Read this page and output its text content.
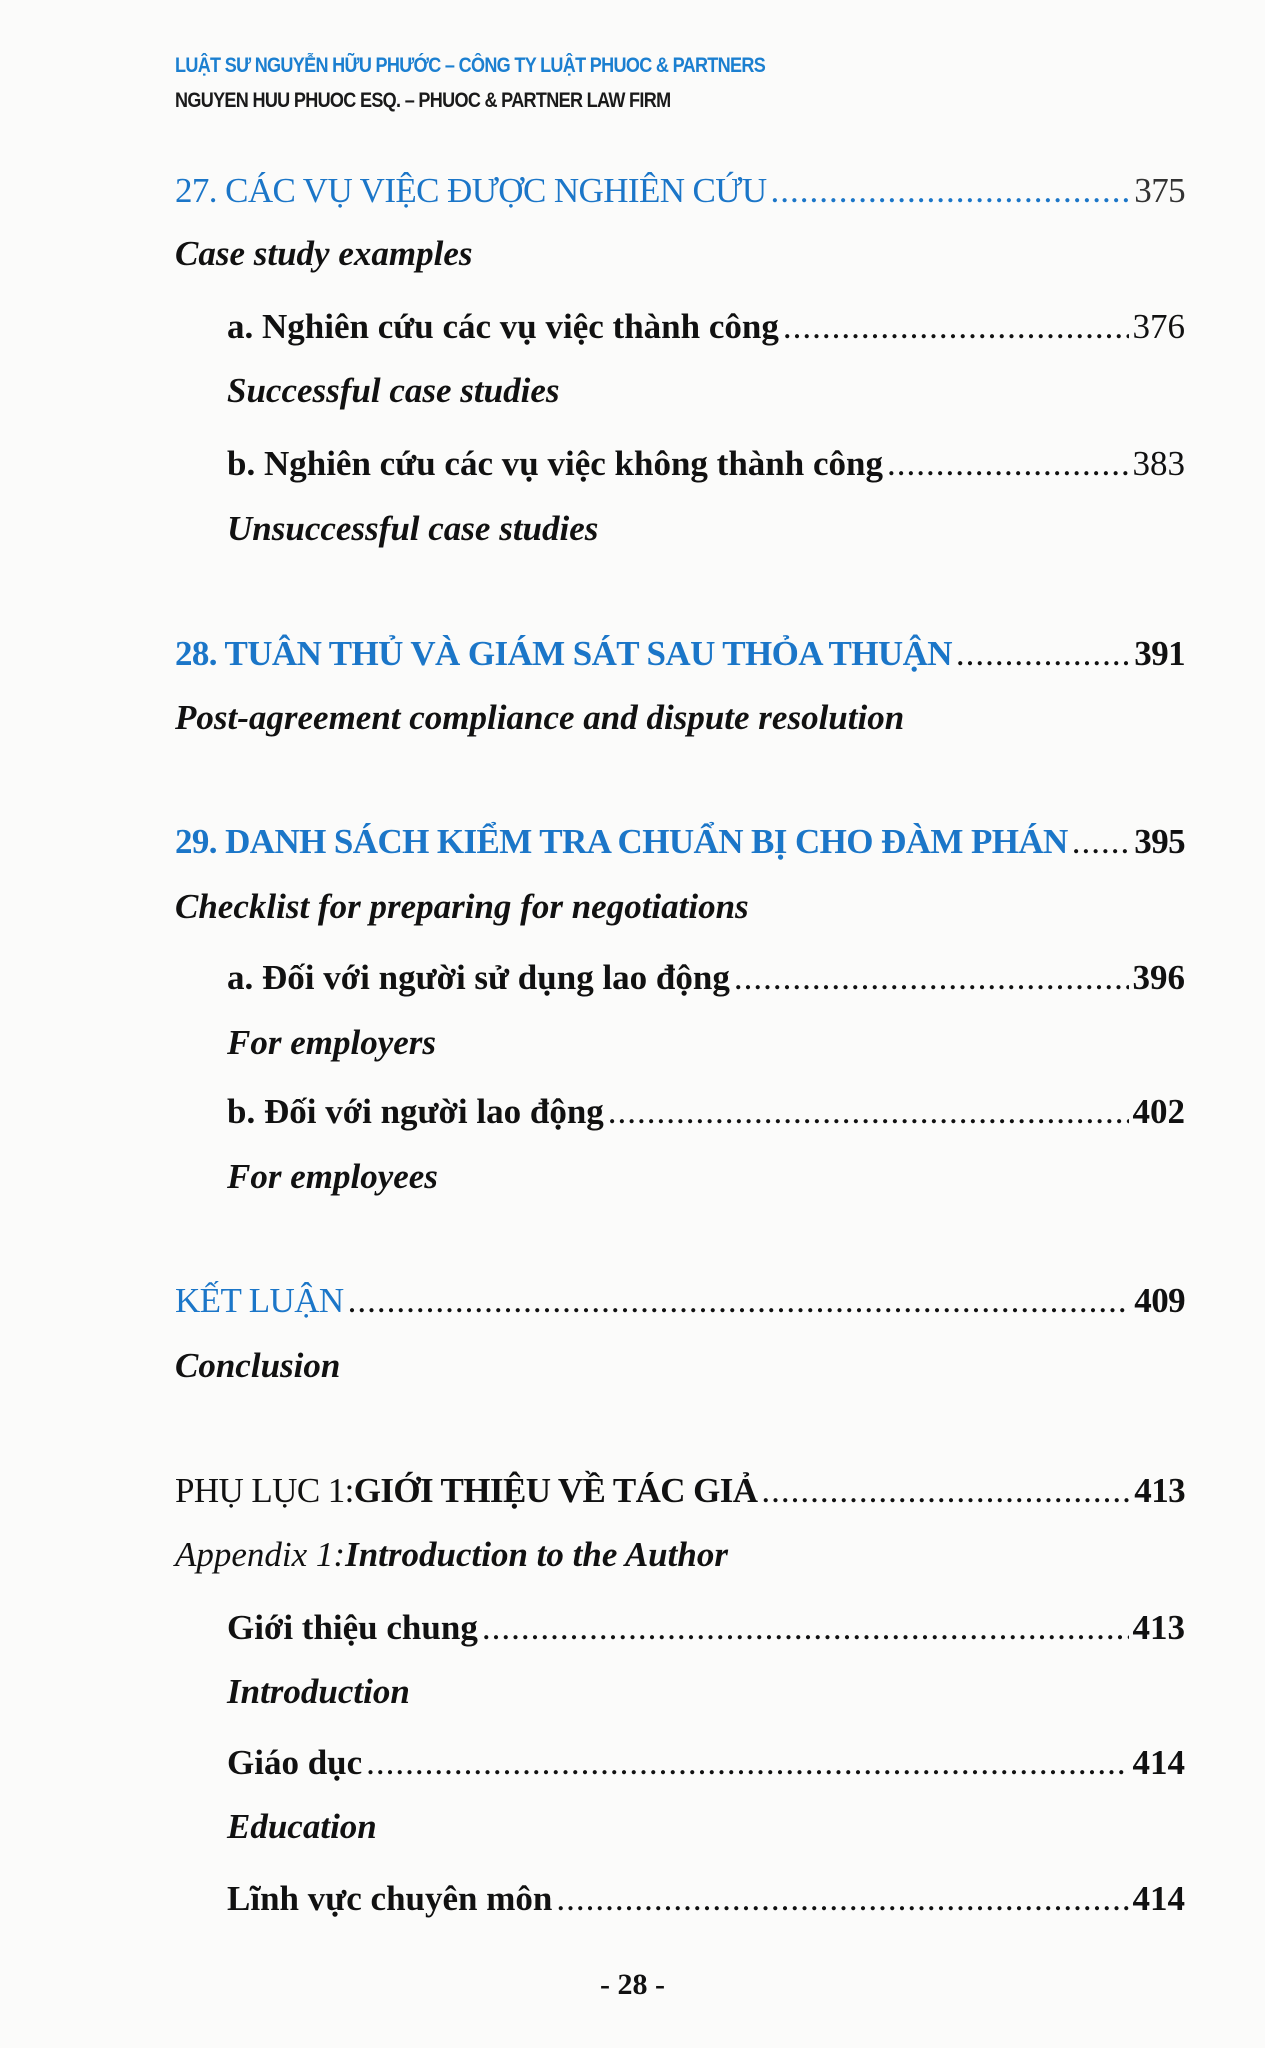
LUẬT SƯ NGUYỄN HỮU PHƯỚC – CÔNG TY LUẬT PHUOC & PARTNERS
NGUYEN HUU PHUOC ESQ. – PHUOC & PARTNER LAW FIRM
27. CÁC VỤ VIỆC ĐƯỢC NGHIÊN CỨU .....	375
Case study examples
a. Nghiên cứu các vụ việc thành công .....	376
Successful case studies
b. Nghiên cứu các vụ việc không thành công .....	383
Unsuccessful case studies
28. TUÂN THỦ VÀ GIÁM SÁT SAU THỎA THUẬN .....	391
Post-agreement compliance and dispute resolution
29. DANH SÁCH KIỂM TRA CHUẨN BỊ CHO ĐÀM PHÁN ..... 395
Checklist for preparing for negotiations
a. Đối với người sử dụng lao động .....	396
For employers
b. Đối với người lao động .....	402
For employees
KẾT LUẬN .....	409
Conclusion
PHỤ LỤC 1: GIỚI THIỆU VỀ TÁC GIẢ .....	413
Appendix 1: Introduction to the Author
Giới thiệu chung .....	413
Introduction
Giáo dục .....	414
Education
Lĩnh vực chuyên môn .....	414
- 28 -
